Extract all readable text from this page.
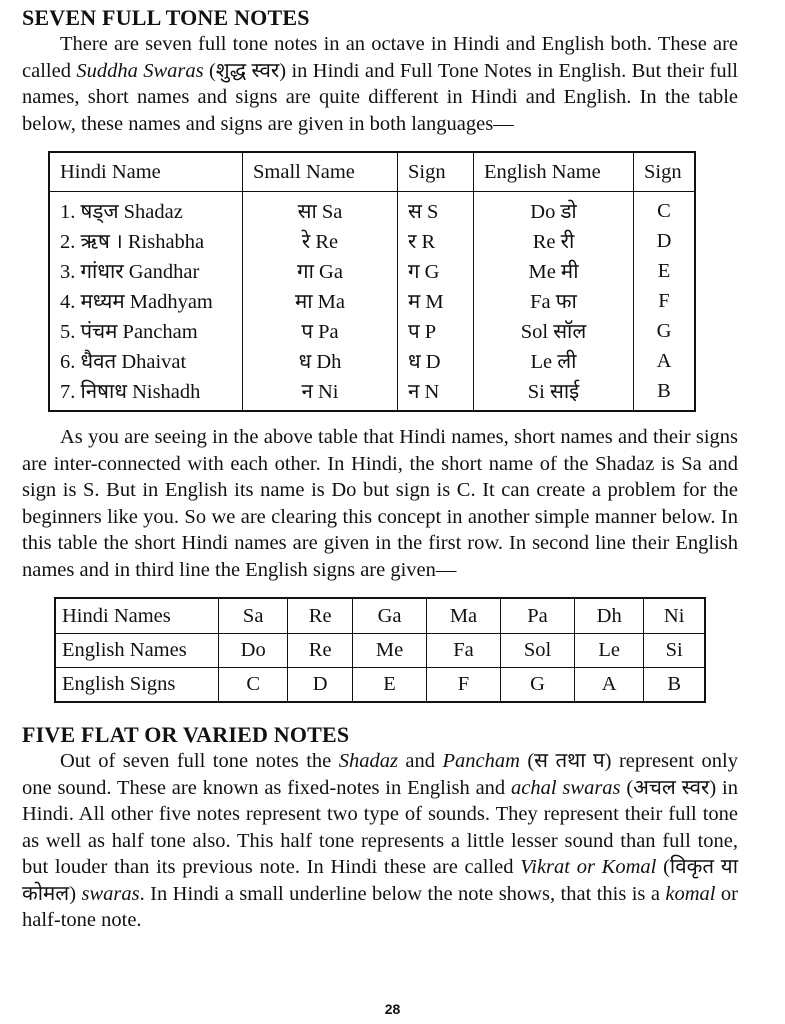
SEVEN FULL TONE NOTES

There are seven full tone notes in an octave in Hindi and English both. These are called Suddha Swaras (शुद्ध स्वर) in Hindi and Full Tone Notes in English. But their full names, short names and signs are quite different in Hindi and English. In the table below, these names and signs are given in both languages—

Hindi Name	Small Name	Sign	English Name	Sign
1. षड्ज Shadaz	सा Sa	स S	Do डो	C
2. ऋष । Rishabha	रे Re	र R	Re री	D
3. गांधार Gandhar	गा Ga	ग G	Me मी	E
4. मध्यम Madhyam	मा Ma	म M	Fa फा	F
5. पंचम Pancham	प Pa	प P	Sol सॉल	G
6. धैवत Dhaivat	ध Dh	ध D	Le ली	A
7. निषाध Nishadh	न Ni	न N	Si साई	B

As you are seeing in the above table that Hindi names, short names and their signs are inter-connected with each other. In Hindi, the short name of the Shadaz is Sa and sign is S. But in English its name is Do but sign is C. It can create a problem for the beginners like you. So we are clearing this concept in another simple manner below. In this table the short Hindi names are given in the first row. In second line their English names and in third line the English signs are given—

Hindi Names	Sa	Re	Ga	Ma	Pa	Dh	Ni
English Names	Do	Re	Me	Fa	Sol	Le	Si
English Signs	C	D	E	F	G	A	B
FIVE FLAT OR VARIED NOTES

Out of seven full tone notes the Shadaz and Pancham (स तथा प) represent only one sound. These are known as fixed-notes in English and achal swaras (अचल स्वर) in Hindi. All other five notes represent two type of sounds. They represent their full tone as well as half tone also. This half tone represents a little lesser sound than full tone, but louder than its previous note. In Hindi these are called Vikrat or Komal (विकृत या कोमल) swaras. In Hindi a small underline below the note shows, that this is a komal or half-tone note.

28
